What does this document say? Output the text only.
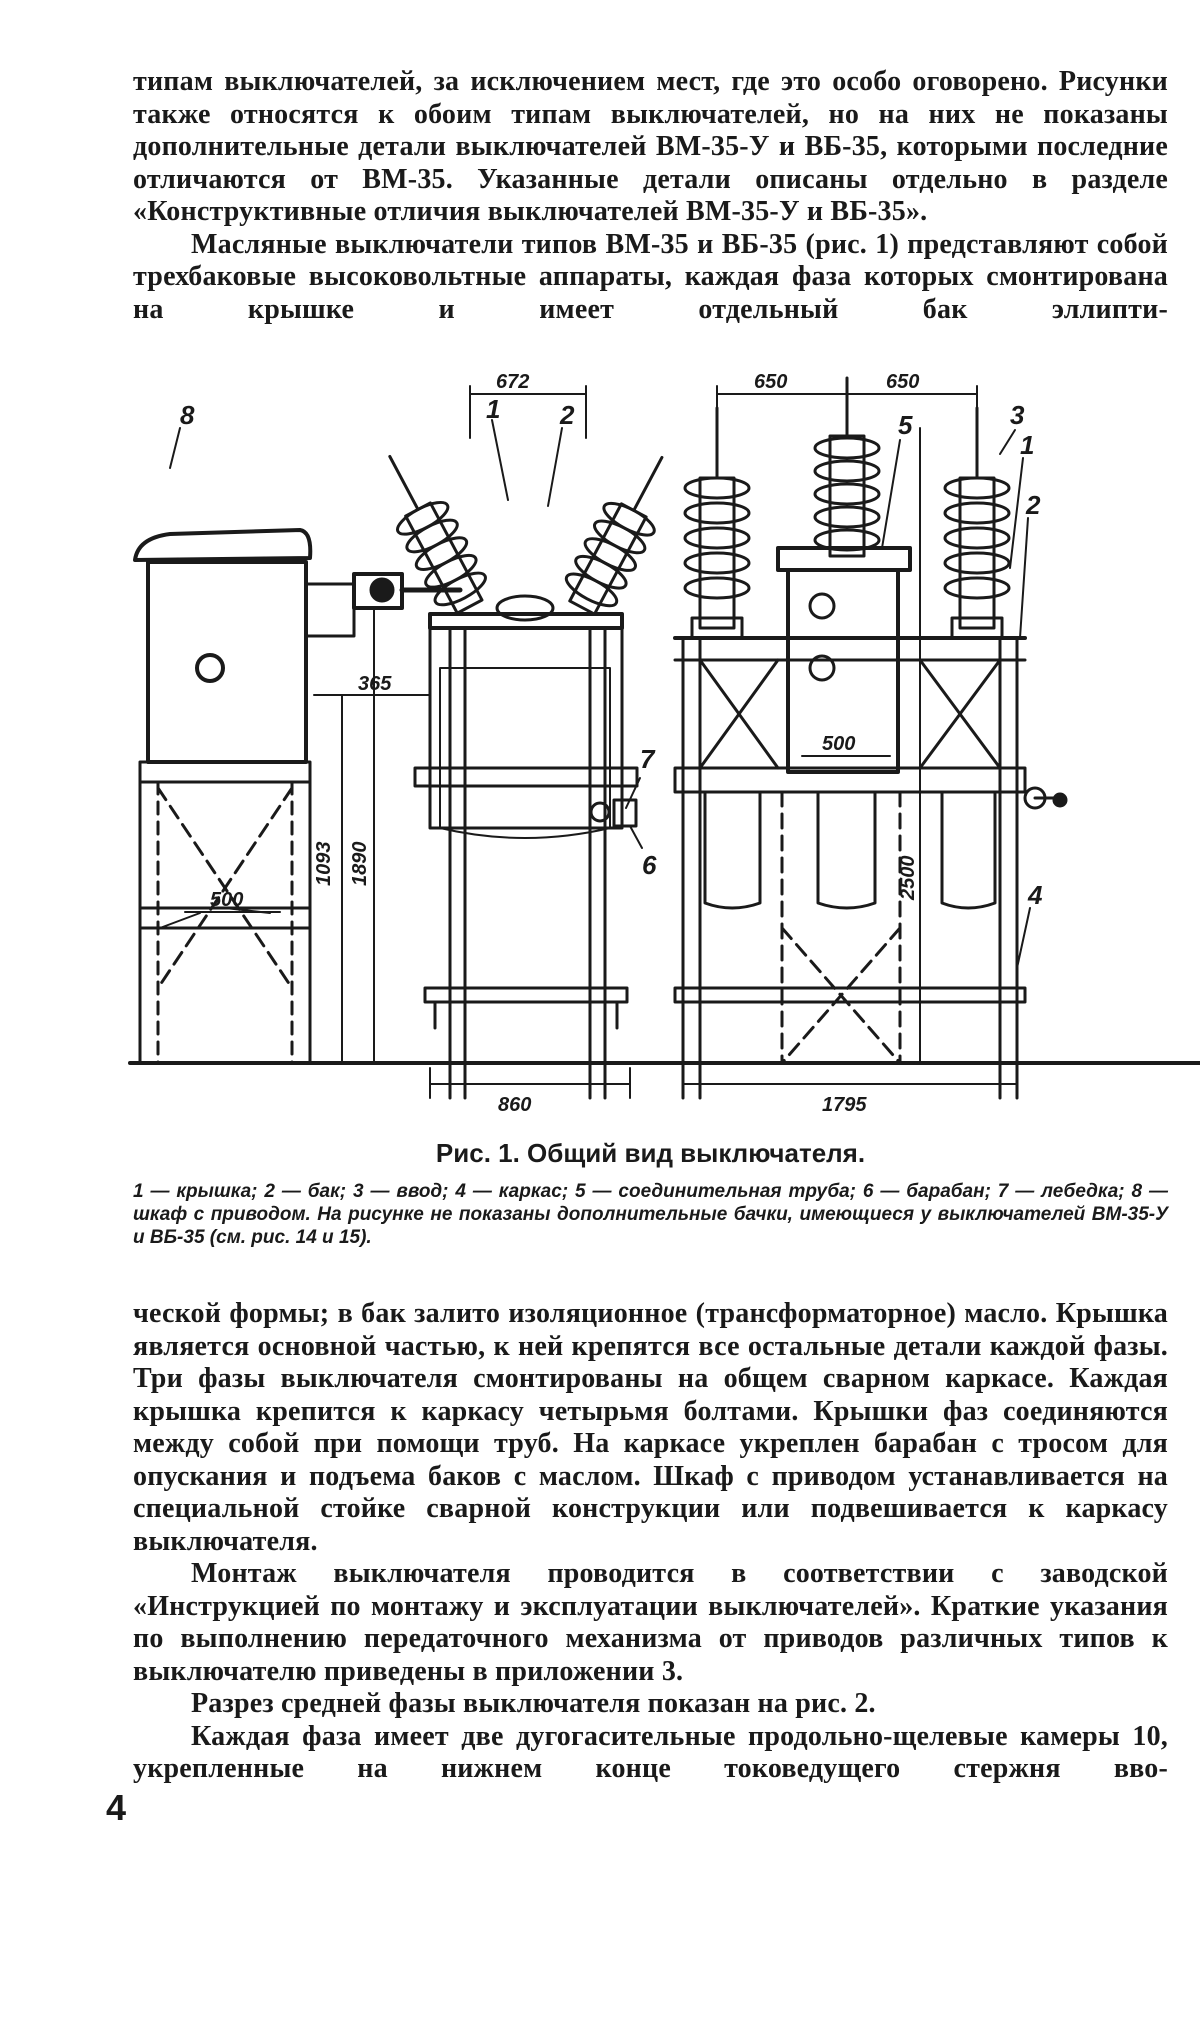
типам выключателей, за исключением мест, где это особо оговорено. Рисунки также относятся к обоим типам выключателей, но на них не показаны дополнительные детали выключателей ВМ-35-У и ВБ-35, которыми последние отличаются от ВМ-35. Указанные детали описаны отдельно в разделе «Конструктивные отличия выключателей ВМ-35-У и ВБ-35».

Масляные выключатели типов ВМ-35 и ВБ-35 (рис. 1) представляют собой трехбаковые высоковольтные аппараты, каждая фаза которых смонтирована на крышке и имеет отдельный бак эллипти-

672	650	650
365
1093 1890
500
500
2500
860	1795
1 2
8
7
6
5	3
1
2
4
Рис. 1. Общий вид выключателя.
1 — крышка; 2 — бак; 3 — ввод; 4 — каркас; 5 — соединительная труба; 6 — барабан; 7 — лебедка; 8 — шкаф с приводом. На рисунке не показаны дополнительные бачки, имеющиеся у выключателей ВМ-35-У и ВБ-35 (см. рис. 14 и 15).

ческой формы; в бак залито изоляционное (трансформаторное) масло. Крышка является основной частью, к ней крепятся все остальные детали каждой фазы. Три фазы выключателя смонтированы на общем сварном каркасе. Каждая крышка крепится к каркасу четырьмя болтами. Крышки фаз соединяются между собой при помощи труб. На каркасе укреплен барабан с тросом для опускания и подъема баков с маслом. Шкаф с приводом устанавливается на специальной стойке сварной конструкции или подвешивается к каркасу выключателя.

Монтаж выключателя проводится в соответствии с заводской «Инструкцией по монтажу и эксплуатации выключателей». Краткие указания по выполнению передаточного механизма от приводов различных типов к выключателю приведены в приложении 3.

Разрез средней фазы выключателя показан на рис. 2.

Каждая фаза имеет две дугогасительные продольно-щелевые камеры 10, укрепленные на нижнем конце токоведущего стержня вво-

4
